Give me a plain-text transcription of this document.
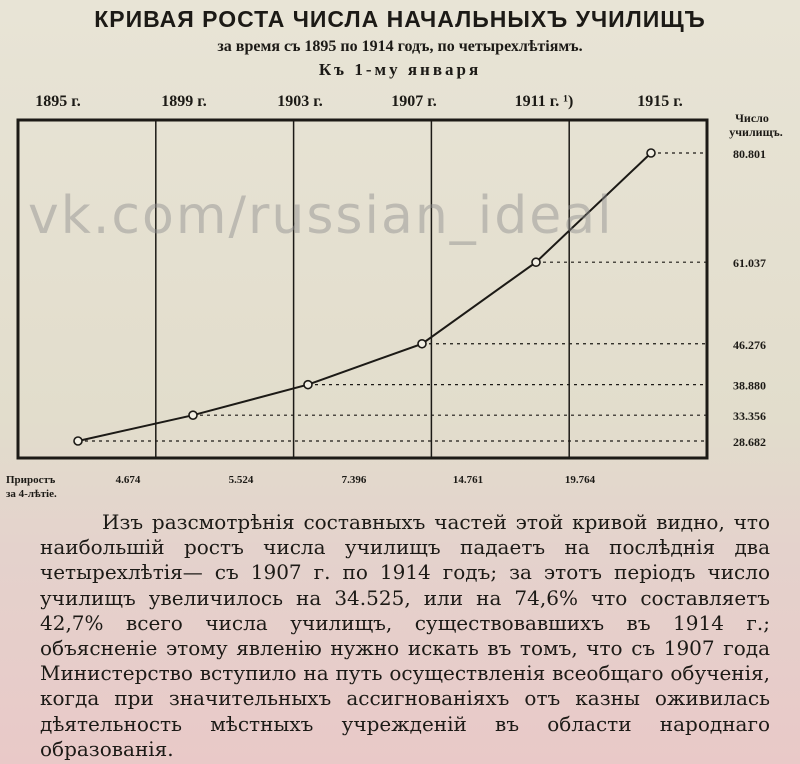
КРИВАЯ РОСТА ЧИСЛА НАЧАЛЬНЫХЪ УЧИЛИЩЪ
за время съ 1895 по 1914 годъ, по четырехлѣтіямъ.
Къ 1-му января
1895 г.	1899 г.	1903 г.	1907 г.	1911 г. ¹)	1915 г.
28.682
33.356
38.880
46.276
61.037
80.801
Число
училищъ.
Приростъ
за 4-лѣтіе.
4.674	5.524	7.396	14.761	19.764
vk.com/russian_ideal
Изъ разсмотрѣнія составныхъ частей этой кривой видно, что наибольшій ростъ числа училищъ падаетъ на послѣднія два четырехлѣтія— съ 1907 г. по 1914 годъ; за этотъ періодъ число училищъ увеличилось на 34.525, или на 74,6% что составляетъ 42,7% всего числа училищъ, существовавшихъ въ 1914 г.; объясненіе этому явленію нужно искать въ томъ, что съ 1907 года Министерство вступило на путь осуществленія всеобщаго обученія, когда при значительныхъ ассигнованіяхъ отъ казны оживилась дѣятельность мѣстныхъ учрежденій въ области народнаго образованія.
